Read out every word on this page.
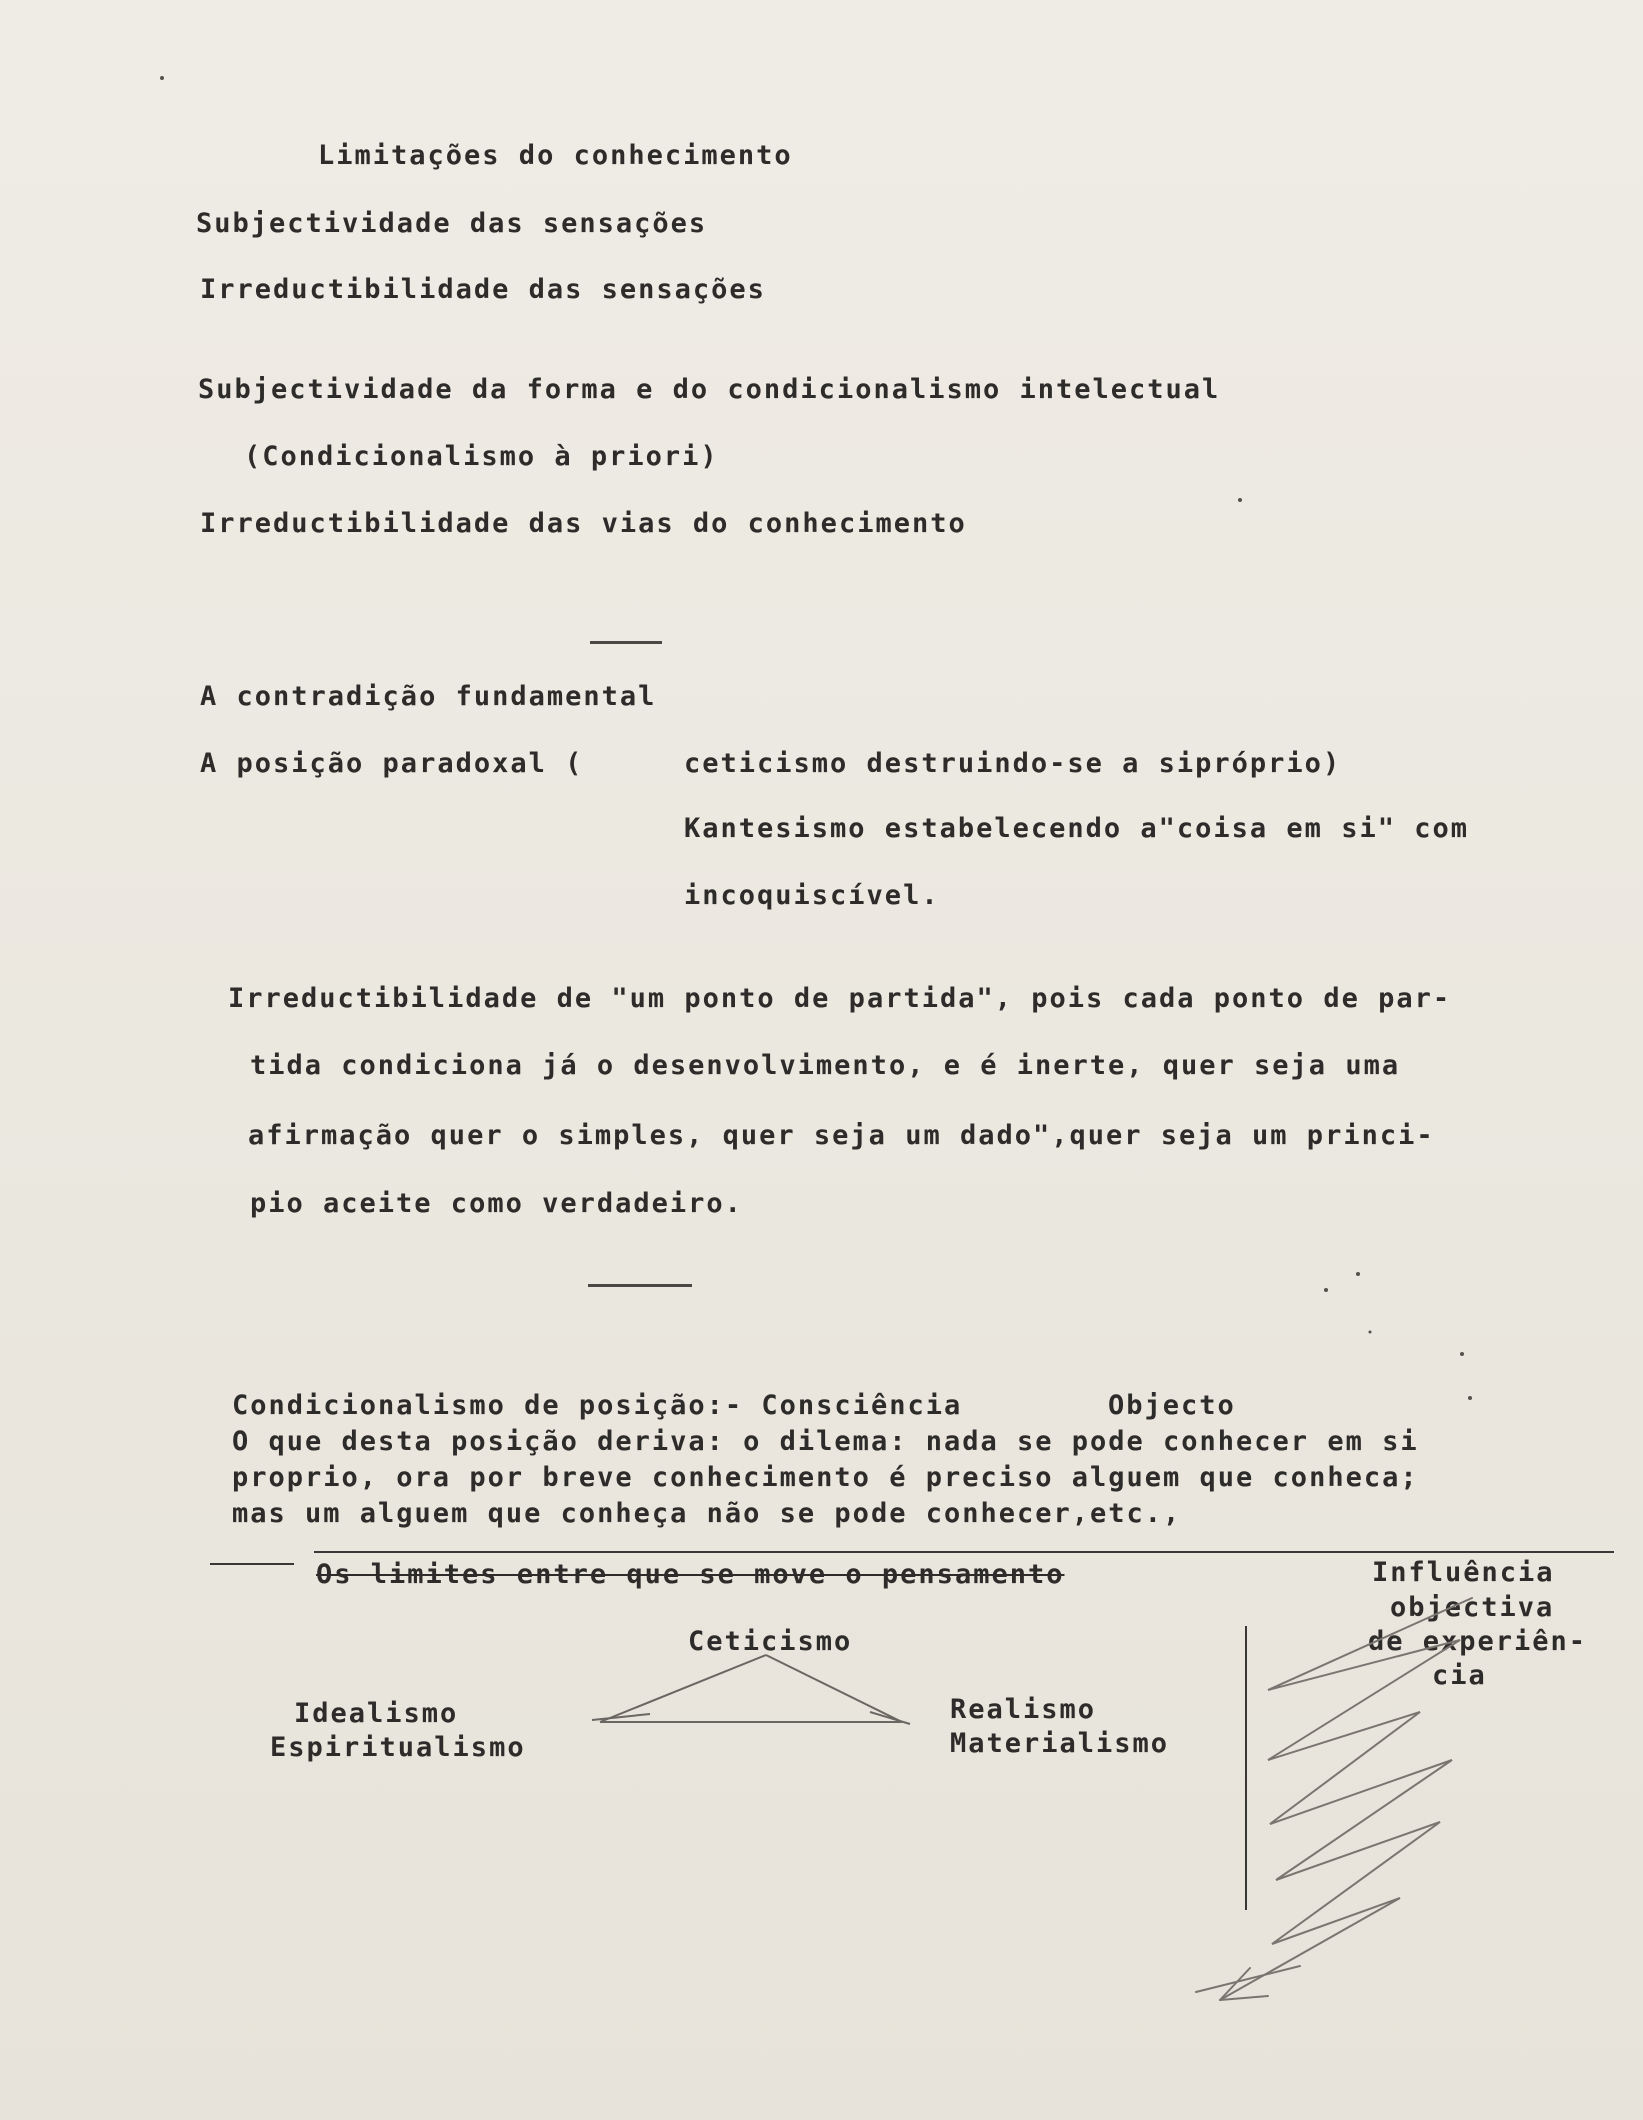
Limitações do conhecimento
Subjectividade das sensações
Irreductibilidade das sensações
Subjectividade da forma e do condicionalismo intelectual
(Condicionalismo à priori)
Irreductibilidade das vias do conhecimento
A contradição fundamental
A posição paradoxal (	ceticismo destruindo-se a siprópriо)
Kantesismo estabelecendo a"coisa em si" com
incoquiscível.
Irreductibilidade de "um ponto de partida", pois cada ponto de par-
tida condiciona já o desenvolvimento, e é inerte, quer seja uma
afirmação quer o simples, quer seja um dado",quer seja um princi-
pio aceite como verdadeiro.
Condicionalismo de posição:- Consciência	Objecto
O que desta posição deriva: o dilema: nada se pode conhecer em si
proprio, ora por breve conhecimento é preciso alguem que conheca;
mas um alguem que conheça não se pode conhecer,etc.,
Os limites entre que se move o pensamento	Influência
objectiva
de experiên-
cia
Ceticismo
Idealismo
Espiritualismo
Realismo
Materialismo
